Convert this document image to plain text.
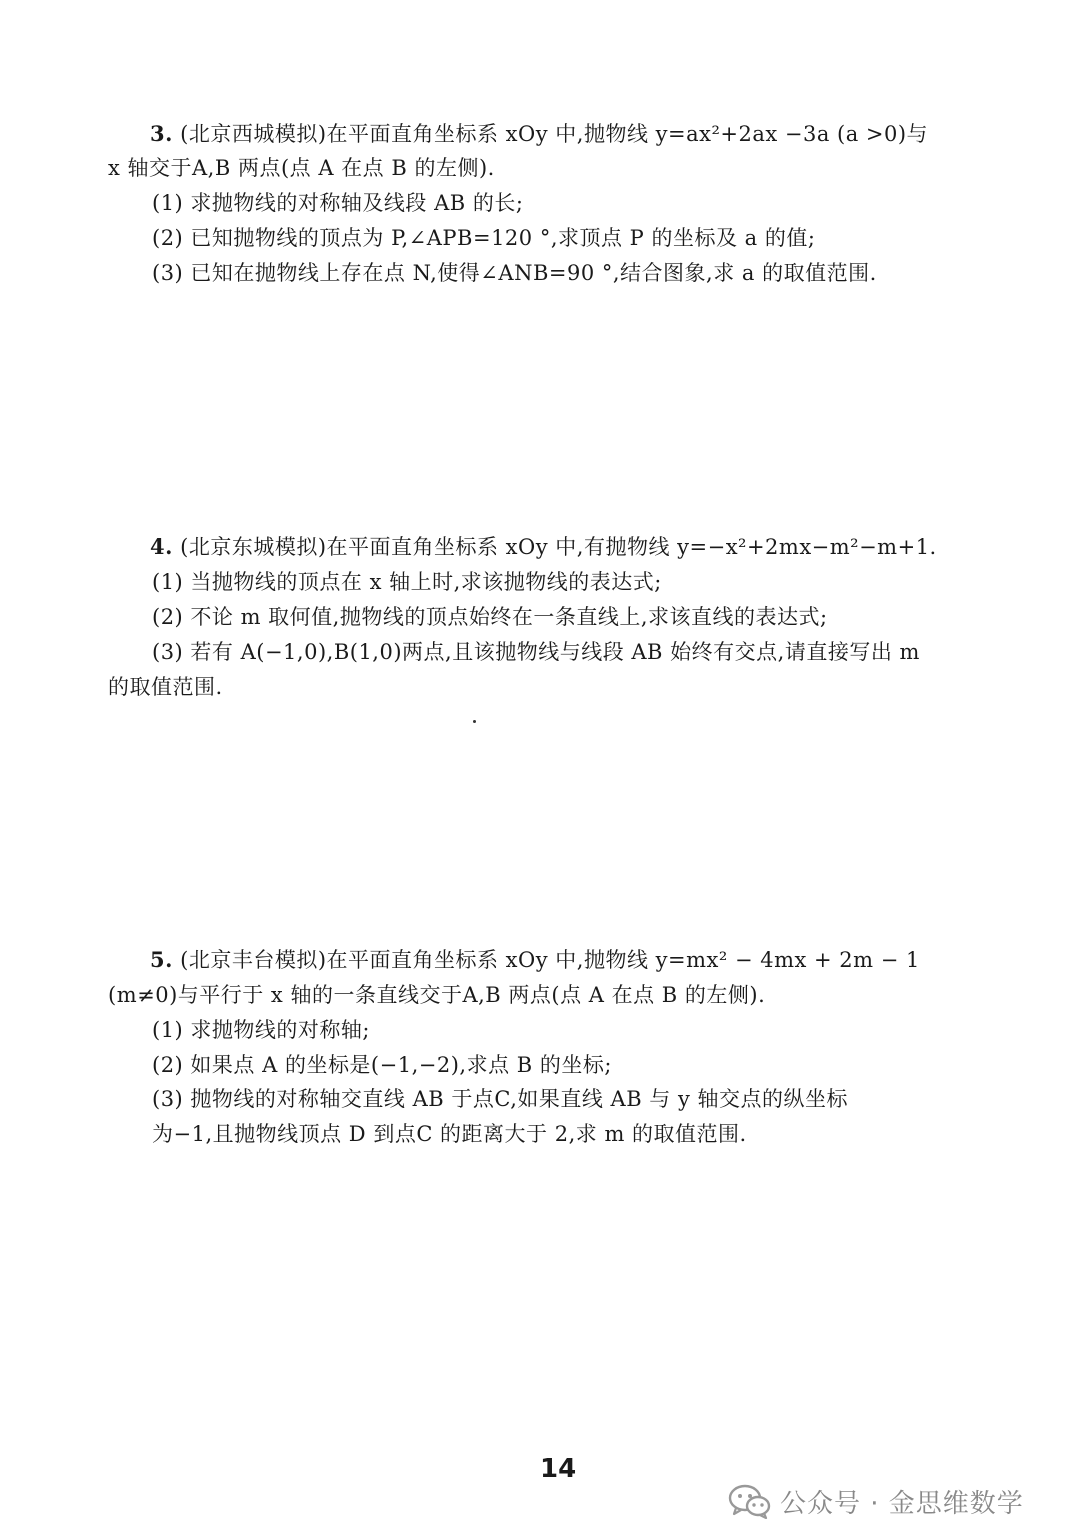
3. (北京西城模拟)在平面直角坐标系 xOy 中,抛物线 y=ax²+2ax −3a (a >0)与
x 轴交于A,B 两点(点 A 在点 B 的左侧).
(1) 求抛物线的对称轴及线段 AB 的长;
(2) 已知抛物线的顶点为 P,∠APB=120 °,求顶点 P 的坐标及 a 的值;
(3) 已知在抛物线上存在点 N,使得∠ANB=90 °,结合图象,求 a 的取值范围.
4. (北京东城模拟)在平面直角坐标系 xOy 中,有抛物线 y=−x²+2mx−m²−m+1.
(1) 当抛物线的顶点在 x 轴上时,求该抛物线的表达式;
(2) 不论 m 取何值,抛物线的顶点始终在一条直线上,求该直线的表达式;
(3) 若有 A(−1,0),B(1,0)两点,且该抛物线与线段 AB 始终有交点,请直接写出 m
的取值范围.
5. (北京丰台模拟)在平面直角坐标系 xOy 中,抛物线 y=mx² − 4mx + 2m − 1
(m≠0)与平行于 x 轴的一条直线交于A,B 两点(点 A 在点 B 的左侧).
(1) 求抛物线的对称轴;
(2) 如果点 A 的坐标是(−1,−2),求点 B 的坐标;
(3) 抛物线的对称轴交直线 AB 于点C,如果直线 AB 与 y 轴交点的纵坐标
为−1,且抛物线顶点 D 到点C 的距离大于 2,求 m 的取值范围.
14
公众号 · 金思维数学
